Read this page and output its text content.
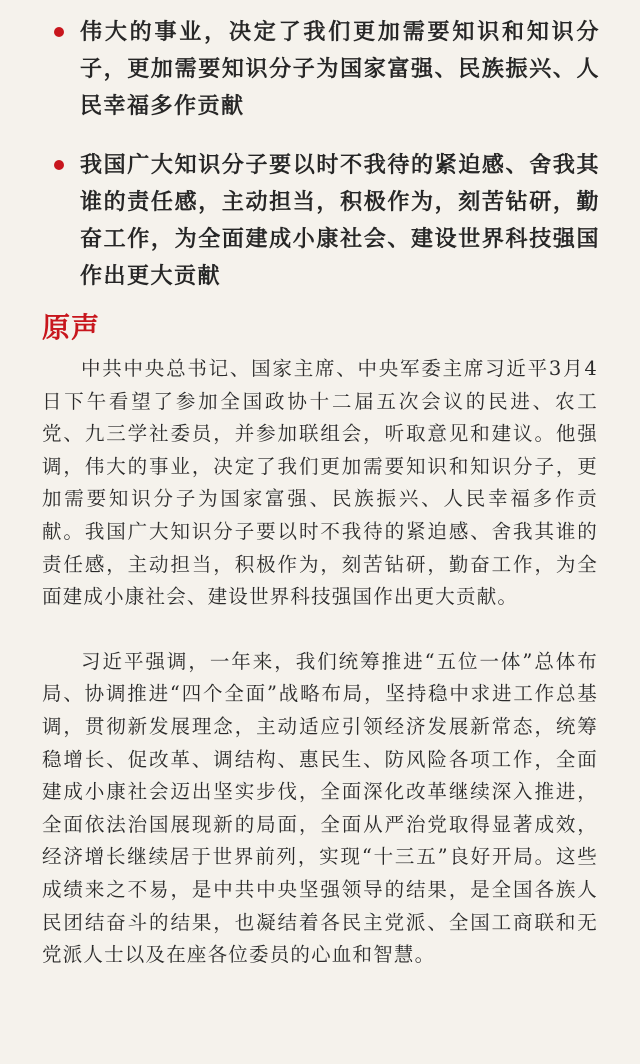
伟大的事业，决定了我们更加需要知识和知识分子，更加需要知识分子为国家富强、民族振兴、人民幸福多作贡献
我国广大知识分子要以时不我待的紧迫感、舍我其谁的责任感，主动担当，积极作为，刻苦钻研，勤奋工作，为全面建成小康社会、建设世界科技强国作出更大贡献
原声

中共中央总书记、国家主席、中央军委主席习近平3月4日下午看望了参加全国政协十二届五次会议的民进、农工党、九三学社委员，并参加联组会，听取意见和建议。他强调，伟大的事业，决定了我们更加需要知识和知识分子，更加需要知识分子为国家富强、民族振兴、人民幸福多作贡献。我国广大知识分子要以时不我待的紧迫感、舍我其谁的责任感，主动担当，积极作为，刻苦钻研，勤奋工作，为全面建成小康社会、建设世界科技强国作出更大贡献。

习近平强调，一年来，我们统筹推进“五位一体”总体布局、协调推进“四个全面”战略布局，坚持稳中求进工作总基调，贯彻新发展理念，主动适应引领经济发展新常态，统筹稳增长、促改革、调结构、惠民生、防风险各项工作，全面建成小康社会迈出坚实步伐，全面深化改革继续深入推进，全面依法治国展现新的局面，全面从严治党取得显著成效，经济增长继续居于世界前列，实现“十三五”良好开局。这些成绩来之不易，是中共中央坚强领导的结果，是全国各族人民团结奋斗的结果，也凝结着各民主党派、全国工商联和无党派人士以及在座各位委员的心血和智慧。
